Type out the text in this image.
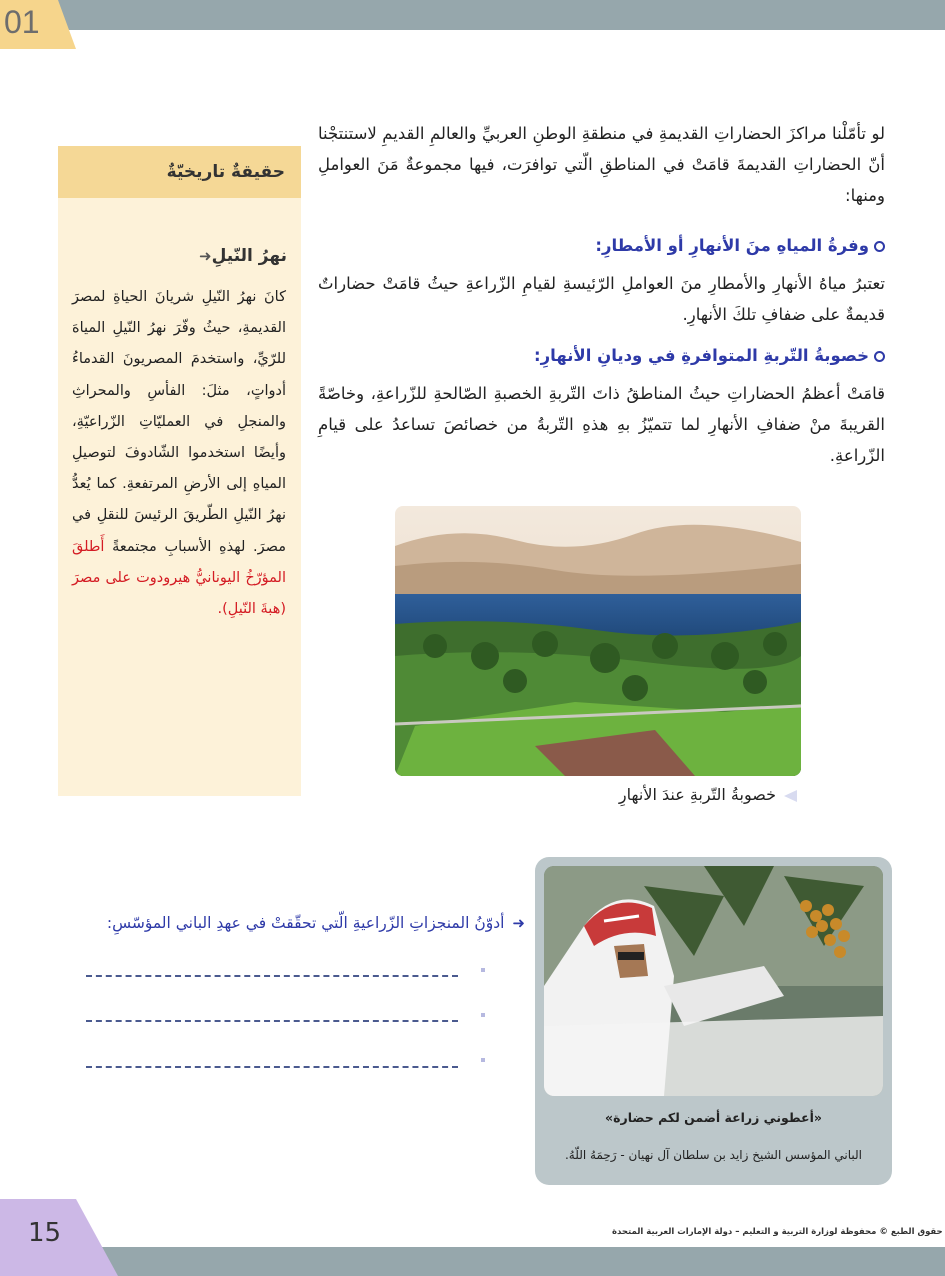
01

لو تأمّلْنا مراكزَ الحضاراتِ القديمةِ في منطقةِ الوطنِ العربيِّ والعالمِ القديمِ لاستنتجْنا أنّ الحضاراتِ القديمةَ قامَتْ في المناطقِ الّتي توافرَت، فيها مجموعةٌ مَنَ العواملِ ومنها:

وفرةُ المياهِ منَ الأنهارِ أو الأمطارِ:

تعتبرُ مياهُ الأنهارِ والأمطارِ منَ العواملِ الرّئيسةِ لقيامِ الزّراعةِ حيثُ قامَتْ حضاراتٌ قديمةٌ على ضفافِ تلكَ الأنهارِ.

خصوبةُ التّربةِ المتوافرةِ في وديانِ الأنهارِ:

قامَتْ أعظمُ الحضاراتِ حيثُ المناطقُ ذاتَ التّربةِ الخصبةِ الصّالحةِ للزّراعةِ، وخاصّةً القريبةَ منْ ضفافِ الأنهارِ لما تتميّزُ بهِ هذهِ التّربةُ من خصائصَ تساعدُ على قيامِ الزّراعةِ.

حقيقةٌ تاريخيّةٌ
نهرُ النّيلِ➜
كانَ نهرُ النّيلِ شريانَ الحياةِ لمصرَ القديمةِ، حيثُ وفّرَ نهرُ النّيلِ المياهَ للرّيِّ، واستخدمَ المصريونَ القدماءُ أدواتٍ، مثلَ: الفأسِ والمحراثِ والمنجلِ في العمليّاتِ الزّراعيّةِ، وأيضًا استخدموا الشّادوفَ لتوصيلِ المياهِ إلى الأرضِ المرتفعةِ. كما يُعدُّ نهرُ النّيلِ الطّريقَ الرئيسَ للنقلِ في مصرَ. لهذهِ الأسبابِ مجتمعةً أَطلقَ المؤرّخُ اليونانيُّ هيرودوت على مصرَ (هبةَ النّيلِ).
خصوبةُ التّربةِ عندَ الأنهارِ
➜أدوّنُ المنجزاتِ الزّراعيةِ الّتي تحقّقتْ في عهدِ الباني المؤسّسِ:
«أعطوني زراعة أضمن لكم حضارة»
الباني المؤسس الشيخ زايد بن سلطان آل نهيان - رَحِمَهُ اللّهُ.
15	حقوق الطبع © محفوظة لوزارة التربية و التعليم – دولة الإمارات العربية المتحدة
